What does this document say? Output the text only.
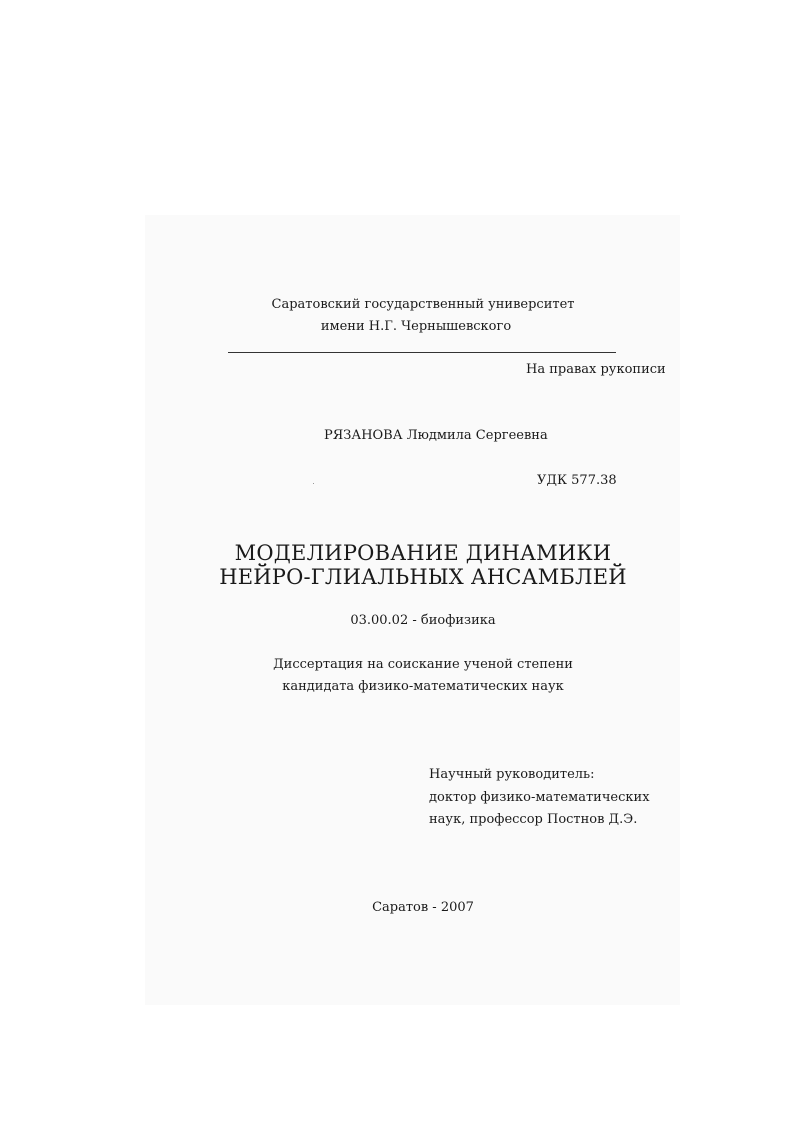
Саратовский государственный университет
имени Н.Г. Чернышевского
На правах рукописи
РЯЗАНОВА Людмила Сергеевна
УДК 577.38
МОДЕЛИРОВАНИЕ ДИНАМИКИ
НЕЙРО-ГЛИАЛЬНЫХ АНСАМБЛЕЙ
03.00.02 - биофизика
Диссертация на соискание ученой степени
кандидата физико-математических наук
Научный руководитель:
доктор физико-математических
наук, профессор Постнов Д.Э.
Саратов - 2007
